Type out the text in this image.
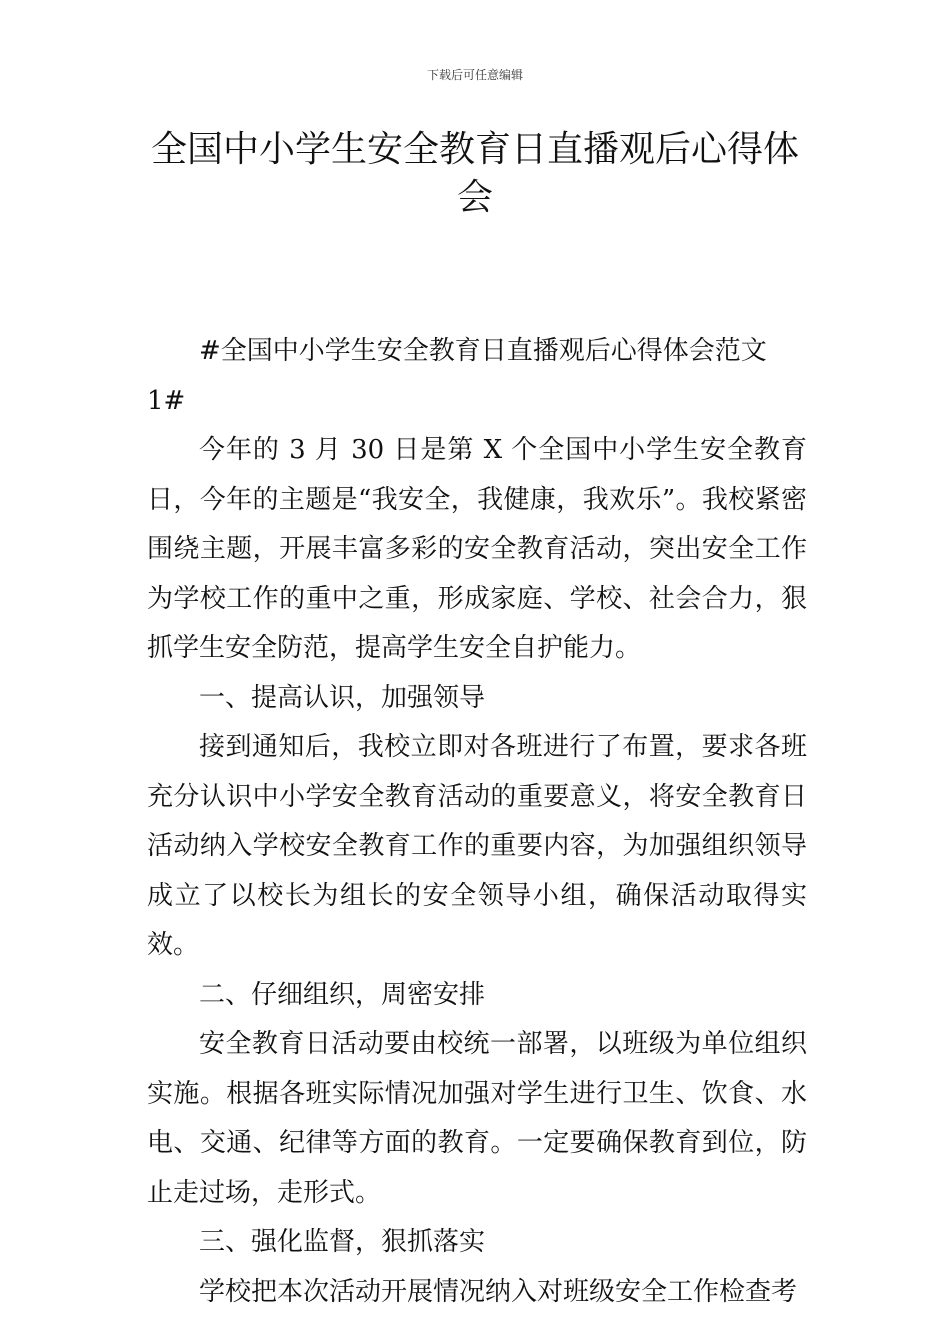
下载后可任意编辑
全国中小学生安全教育日直播观后心得体会

#全国中小学生安全教育日直播观后心得体会范文 1#

今年的 3 月 30 日是第 X 个全国中小学生安全教育日，今年的主题是“我安全，我健康，我欢乐”。我校紧密围绕主题，开展丰富多彩的安全教育活动，突出安全工作为学校工作的重中之重，形成家庭、学校、社会合力，狠抓学生安全防范，提高学生安全自护能力。

一、提高认识，加强领导

接到通知后，我校立即对各班进行了布置，要求各班充分认识中小学安全教育活动的重要意义，将安全教育日活动纳入学校安全教育工作的重要内容，为加强组织领导成立了以校长为组长的安全领导小组，确保活动取得实效。

二、仔细组织，周密安排

安全教育日活动要由校统一部署，以班级为单位组织实施。根据各班实际情况加强对学生进行卫生、饮食、水电、交通、纪律等方面的教育。一定要确保教育到位，防止走过场，走形式。

三、强化监督，狠抓落实

学校把本次活动开展情况纳入对班级安全工作检查考
